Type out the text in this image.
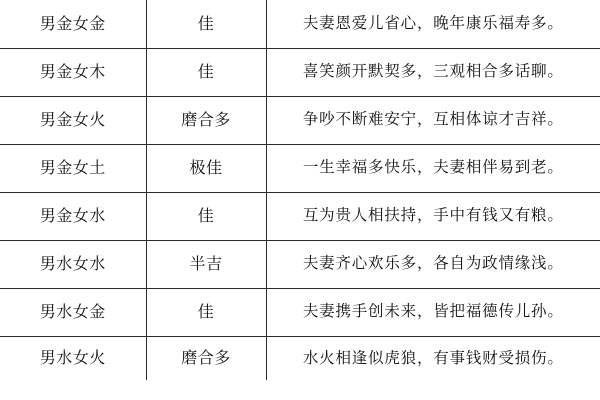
男金女金	佳	夫妻恩爱儿省心，晚年康乐福寿多。
男金女木	佳	喜笑颜开默契多，三观相合多话聊。
男金女火	磨合多	争吵不断难安宁，互相体谅才吉祥。
男金女土	极佳	一生幸福多快乐，夫妻相伴易到老。
男金女水	佳	互为贵人相扶持，手中有钱又有粮。
男水女水	半吉	夫妻齐心欢乐多，各自为政情缘浅。
男水女金	佳	夫妻携手创未来，皆把福德传儿孙。
男水女火	磨合多	水火相逢似虎狼，有事钱财受损伤。
